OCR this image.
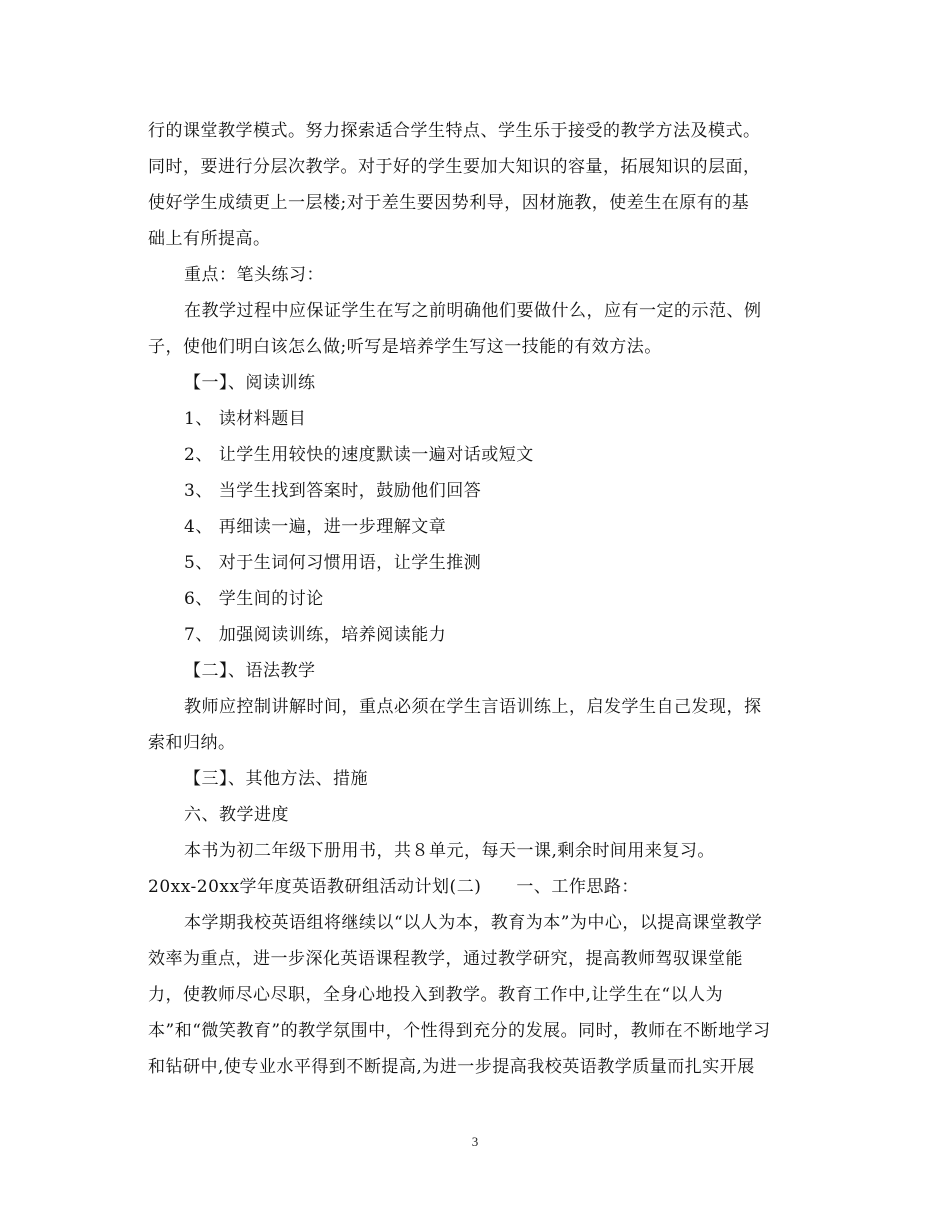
行的课堂教学模式。努力探索适合学生特点、学生乐于接受的教学方法及模式。
同时，要进行分层次教学。对于好的学生要加大知识的容量，拓展知识的层面，
使好学生成绩更上一层楼;对于差生要因势利导，因材施教，使差生在原有的基
础上有所提高。
重点：笔头练习：
在教学过程中应保证学生在写之前明确他们要做什么，应有一定的示范、例
子，使他们明白该怎么做;听写是培养学生写这一技能的有效方法。
【一】、阅读训练
1、 读材料题目
2、 让学生用较快的速度默读一遍对话或短文
3、 当学生找到答案时，鼓励他们回答
4、 再细读一遍，进一步理解文章
5、 对于生词何习惯用语，让学生推测
6、 学生间的讨论
7、 加强阅读训练，培养阅读能力
【二】、语法教学
教师应控制讲解时间，重点必须在学生言语训练上，启发学生自己发现，探
索和归纳。
【三】、其他方法、措施
六、教学进度
本书为初二年级下册用书，共８单元，每天一课,剩余时间用来复习。
20xx-20xx学年度英语教研组活动计划(二)　　一、工作思路：
本学期我校英语组将继续以“以人为本，教育为本”为中心，以提高课堂教学
效率为重点，进一步深化英语课程教学，通过教学研究，提高教师驾驭课堂能
力，使教师尽心尽职，全身心地投入到教学。教育工作中,让学生在“以人为
本”和“微笑教育”的教学氛围中，个性得到充分的发展。同时，教师在不断地学习
和钻研中,使专业水平得到不断提高,为进一步提高我校英语教学质量而扎实开展
3
